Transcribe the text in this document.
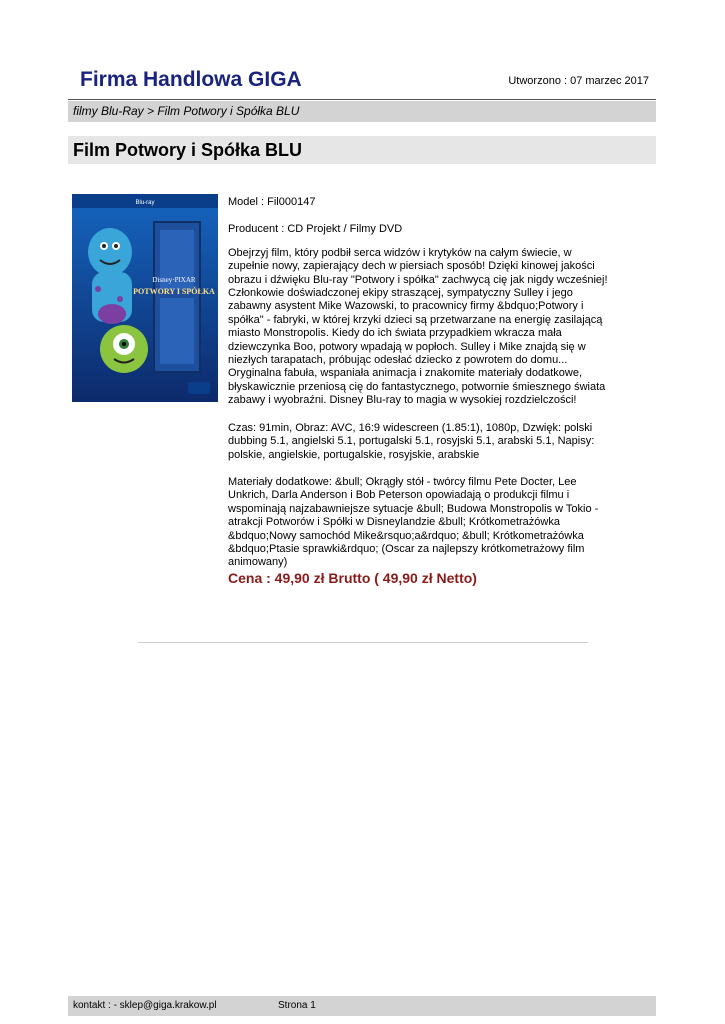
Firma Handlowa GIGA	Utworzono : 07 marzec 2017
filmy Blu-Ray > Film Potwory i Spółka BLU
Film Potwory i Spółka BLU
Blu-ray
Disney·PIXAR
POTWORY I SPÓŁKA

Model : Fil000147

Producent : CD Projekt / Filmy DVD

Obejrzyj film, który podbił serca widzów i krytyków na całym świecie, w zupełnie nowy, zapierający dech w piersiach sposób! Dzięki kinowej jakości obrazu i dźwięku Blu-ray "Potwory i spółka" zachwycą cię jak nigdy wcześniej!
Członkowie doświadczonej ekipy straszącej, sympatyczny Sulley i jego zabawny asystent Mike Wazowski, to pracownicy firmy &bdquo;Potwory i spółka" - fabryki, w której krzyki dzieci są przetwarzane na energię zasilającą miasto Monstropolis. Kiedy do ich świata przypadkiem wkracza mała dziewczynka Boo, potwory wpadają w popłoch. Sulley i Mike znajdą się w niezłych tarapatach, próbując odesłać dziecko z powrotem do domu...
Oryginalna fabuła, wspaniała animacja i znakomite materiały dodatkowe, błyskawicznie przeniosą cię do fantastycznego, potwornie śmiesznego świata zabawy i wyobraźni. Disney Blu-ray to magia w wysokiej rozdzielczości!

Czas: 91min, Obraz: AVC, 16:9 widescreen (1.85:1), 1080p, Dzwięk: polski dubbing 5.1, angielski 5.1, portugalski 5.1, rosyjski 5.1, arabski 5.1, Napisy: polskie, angielskie, portugalskie, rosyjskie, arabskie

Materiały dodatkowe: &bull; Okrągły stół - twórcy filmu Pete Docter, Lee Unkrich, Darla Anderson i Bob Peterson opowiadają o produkcji filmu i wspominają najzabawniejsze sytuacje &bull; Budowa Monstropolis w Tokio - atrakcji Potworów i Spółki w Disneylandzie &bull; Krótkometrażówka &bdquo;Nowy samochód Mike&rsquo;a&rdquo; &bull; Krótkometrażówka &bdquo;Ptasie sprawki&rdquo; (Oscar za najlepszy krótkometrażowy film animowany)

Cena : 49,90 zł Brutto ( 49,90 zł Netto)

kontakt : - sklep@giga.krakow.pl	Strona 1
